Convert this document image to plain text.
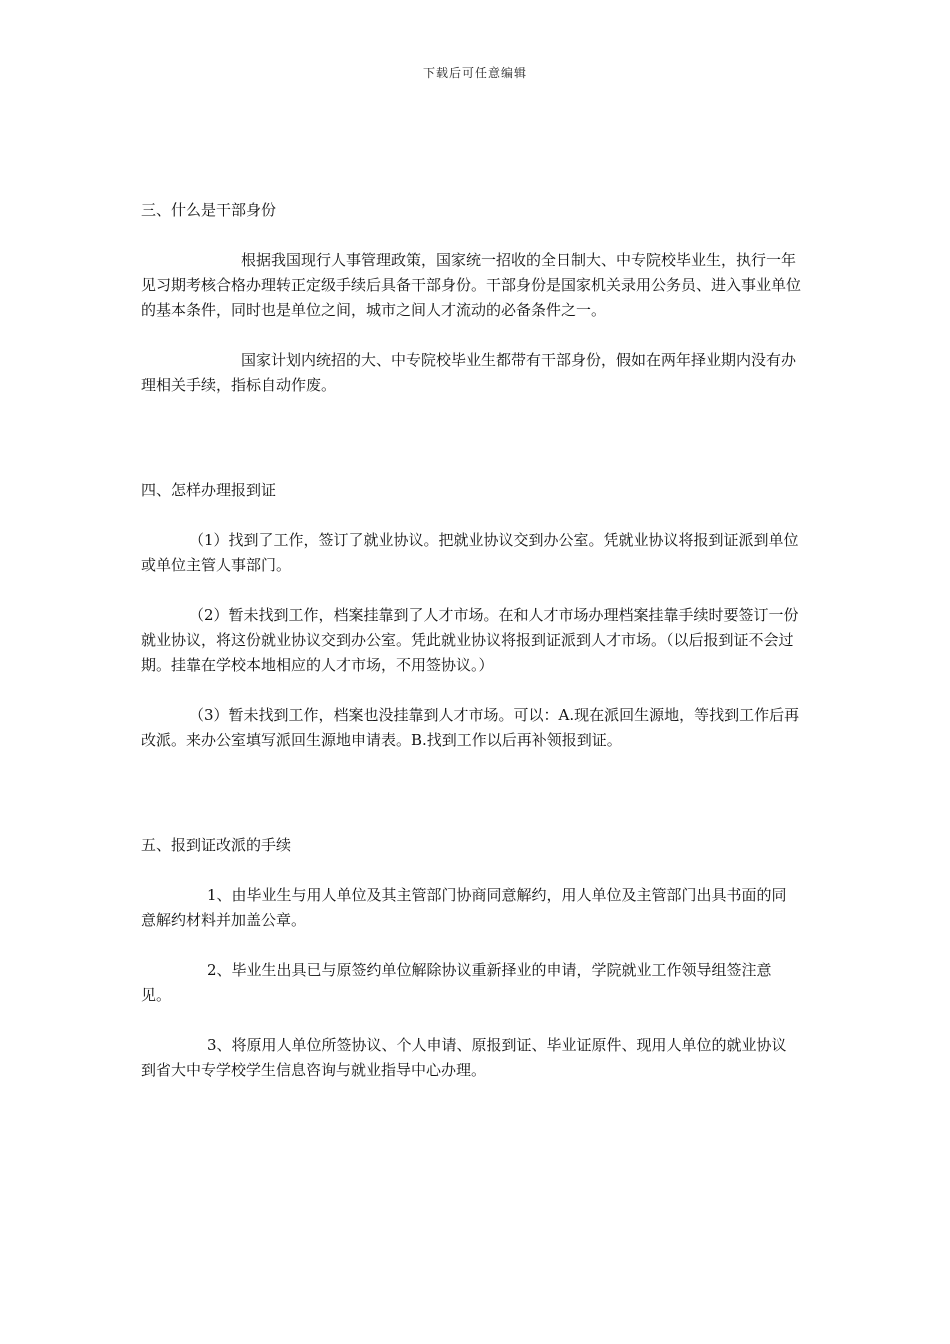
下载后可任意编辑
三、什么是干部身份

根据我国现行人事管理政策，国家统一招收的全日制大、中专院校毕业生，执行一年见习期考核合格办理转正定级手续后具备干部身份。干部身份是国家机关录用公务员、进入事业单位的基本条件，同时也是单位之间，城市之间人才流动的必备条件之一。

国家计划内统招的大、中专院校毕业生都带有干部身份，假如在两年择业期内没有办理相关手续，指标自动作废。

四、怎样办理报到证

（1）找到了工作，签订了就业协议。把就业协议交到办公室。凭就业协议将报到证派到单位或单位主管人事部门。

（2）暂未找到工作，档案挂靠到了人才市场。在和人才市场办理档案挂靠手续时要签订一份就业协议，将这份就业协议交到办公室。凭此就业协议将报到证派到人才市场。（以后报到证不会过期。挂靠在学校本地相应的人才市场，不用签协议。）

（3）暂未找到工作，档案也没挂靠到人才市场。可以：A.现在派回生源地，等找到工作后再改派。来办公室填写派回生源地申请表。B.找到工作以后再补领报到证。

五、报到证改派的手续

1、由毕业生与用人单位及其主管部门协商同意解约，用人单位及主管部门出具书面的同意解约材料并加盖公章。

2、毕业生出具已与原签约单位解除协议重新择业的申请，学院就业工作领导组签注意见。

3、将原用人单位所签协议、个人申请、原报到证、毕业证原件、现用人单位的就业协议到省大中专学校学生信息咨询与就业指导中心办理。
